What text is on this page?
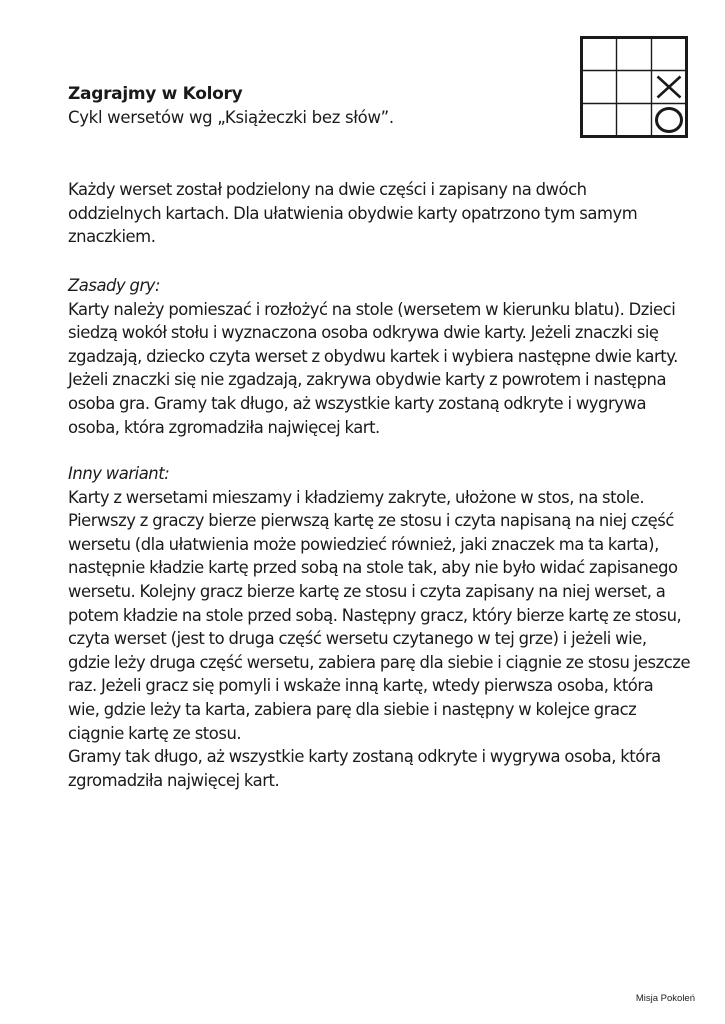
Zagrajmy w Kolory
Cykl wersetów wg „Książeczki bez słów”.
Każdy werset został podzielony na dwie części i zapisany na dwóch
oddzielnych kartach. Dla ułatwienia obydwie karty opatrzono tym samym
znaczkiem.
Zasady gry:
Karty należy pomieszać i rozłożyć na stole (wersetem w kierunku blatu). Dzieci
siedzą wokół stołu i wyznaczona osoba odkrywa dwie karty. Jeżeli znaczki się
zgadzają, dziecko czyta werset z obydwu kartek i wybiera następne dwie karty.
Jeżeli znaczki się nie zgadzają, zakrywa obydwie karty z powrotem i następna
osoba gra. Gramy tak długo, aż wszystkie karty zostaną odkryte i wygrywa
osoba, która zgromadziła najwięcej kart.
Inny wariant:
Karty z wersetami mieszamy i kładziemy zakryte, ułożone w stos, na stole.
Pierwszy z graczy bierze pierwszą kartę ze stosu i czyta napisaną na niej część
wersetu (dla ułatwienia może powiedzieć również, jaki znaczek ma ta karta),
następnie kładzie kartę przed sobą na stole tak, aby nie było widać zapisanego
wersetu. Kolejny gracz bierze kartę ze stosu i czyta zapisany na niej werset, a
potem kładzie na stole przed sobą. Następny gracz, który bierze kartę ze stosu,
czyta werset (jest to druga część wersetu czytanego w tej grze) i jeżeli wie,
gdzie leży druga część wersetu, zabiera parę dla siebie i ciągnie ze stosu jeszcze
raz. Jeżeli gracz się pomyli i wskaże inną kartę, wtedy pierwsza osoba, która
wie, gdzie leży ta karta, zabiera parę dla siebie i następny w kolejce gracz
ciągnie kartę ze stosu.
Gramy tak długo, aż wszystkie karty zostaną odkryte i wygrywa osoba, która
zgromadziła najwięcej kart.
Misja Pokoleń
